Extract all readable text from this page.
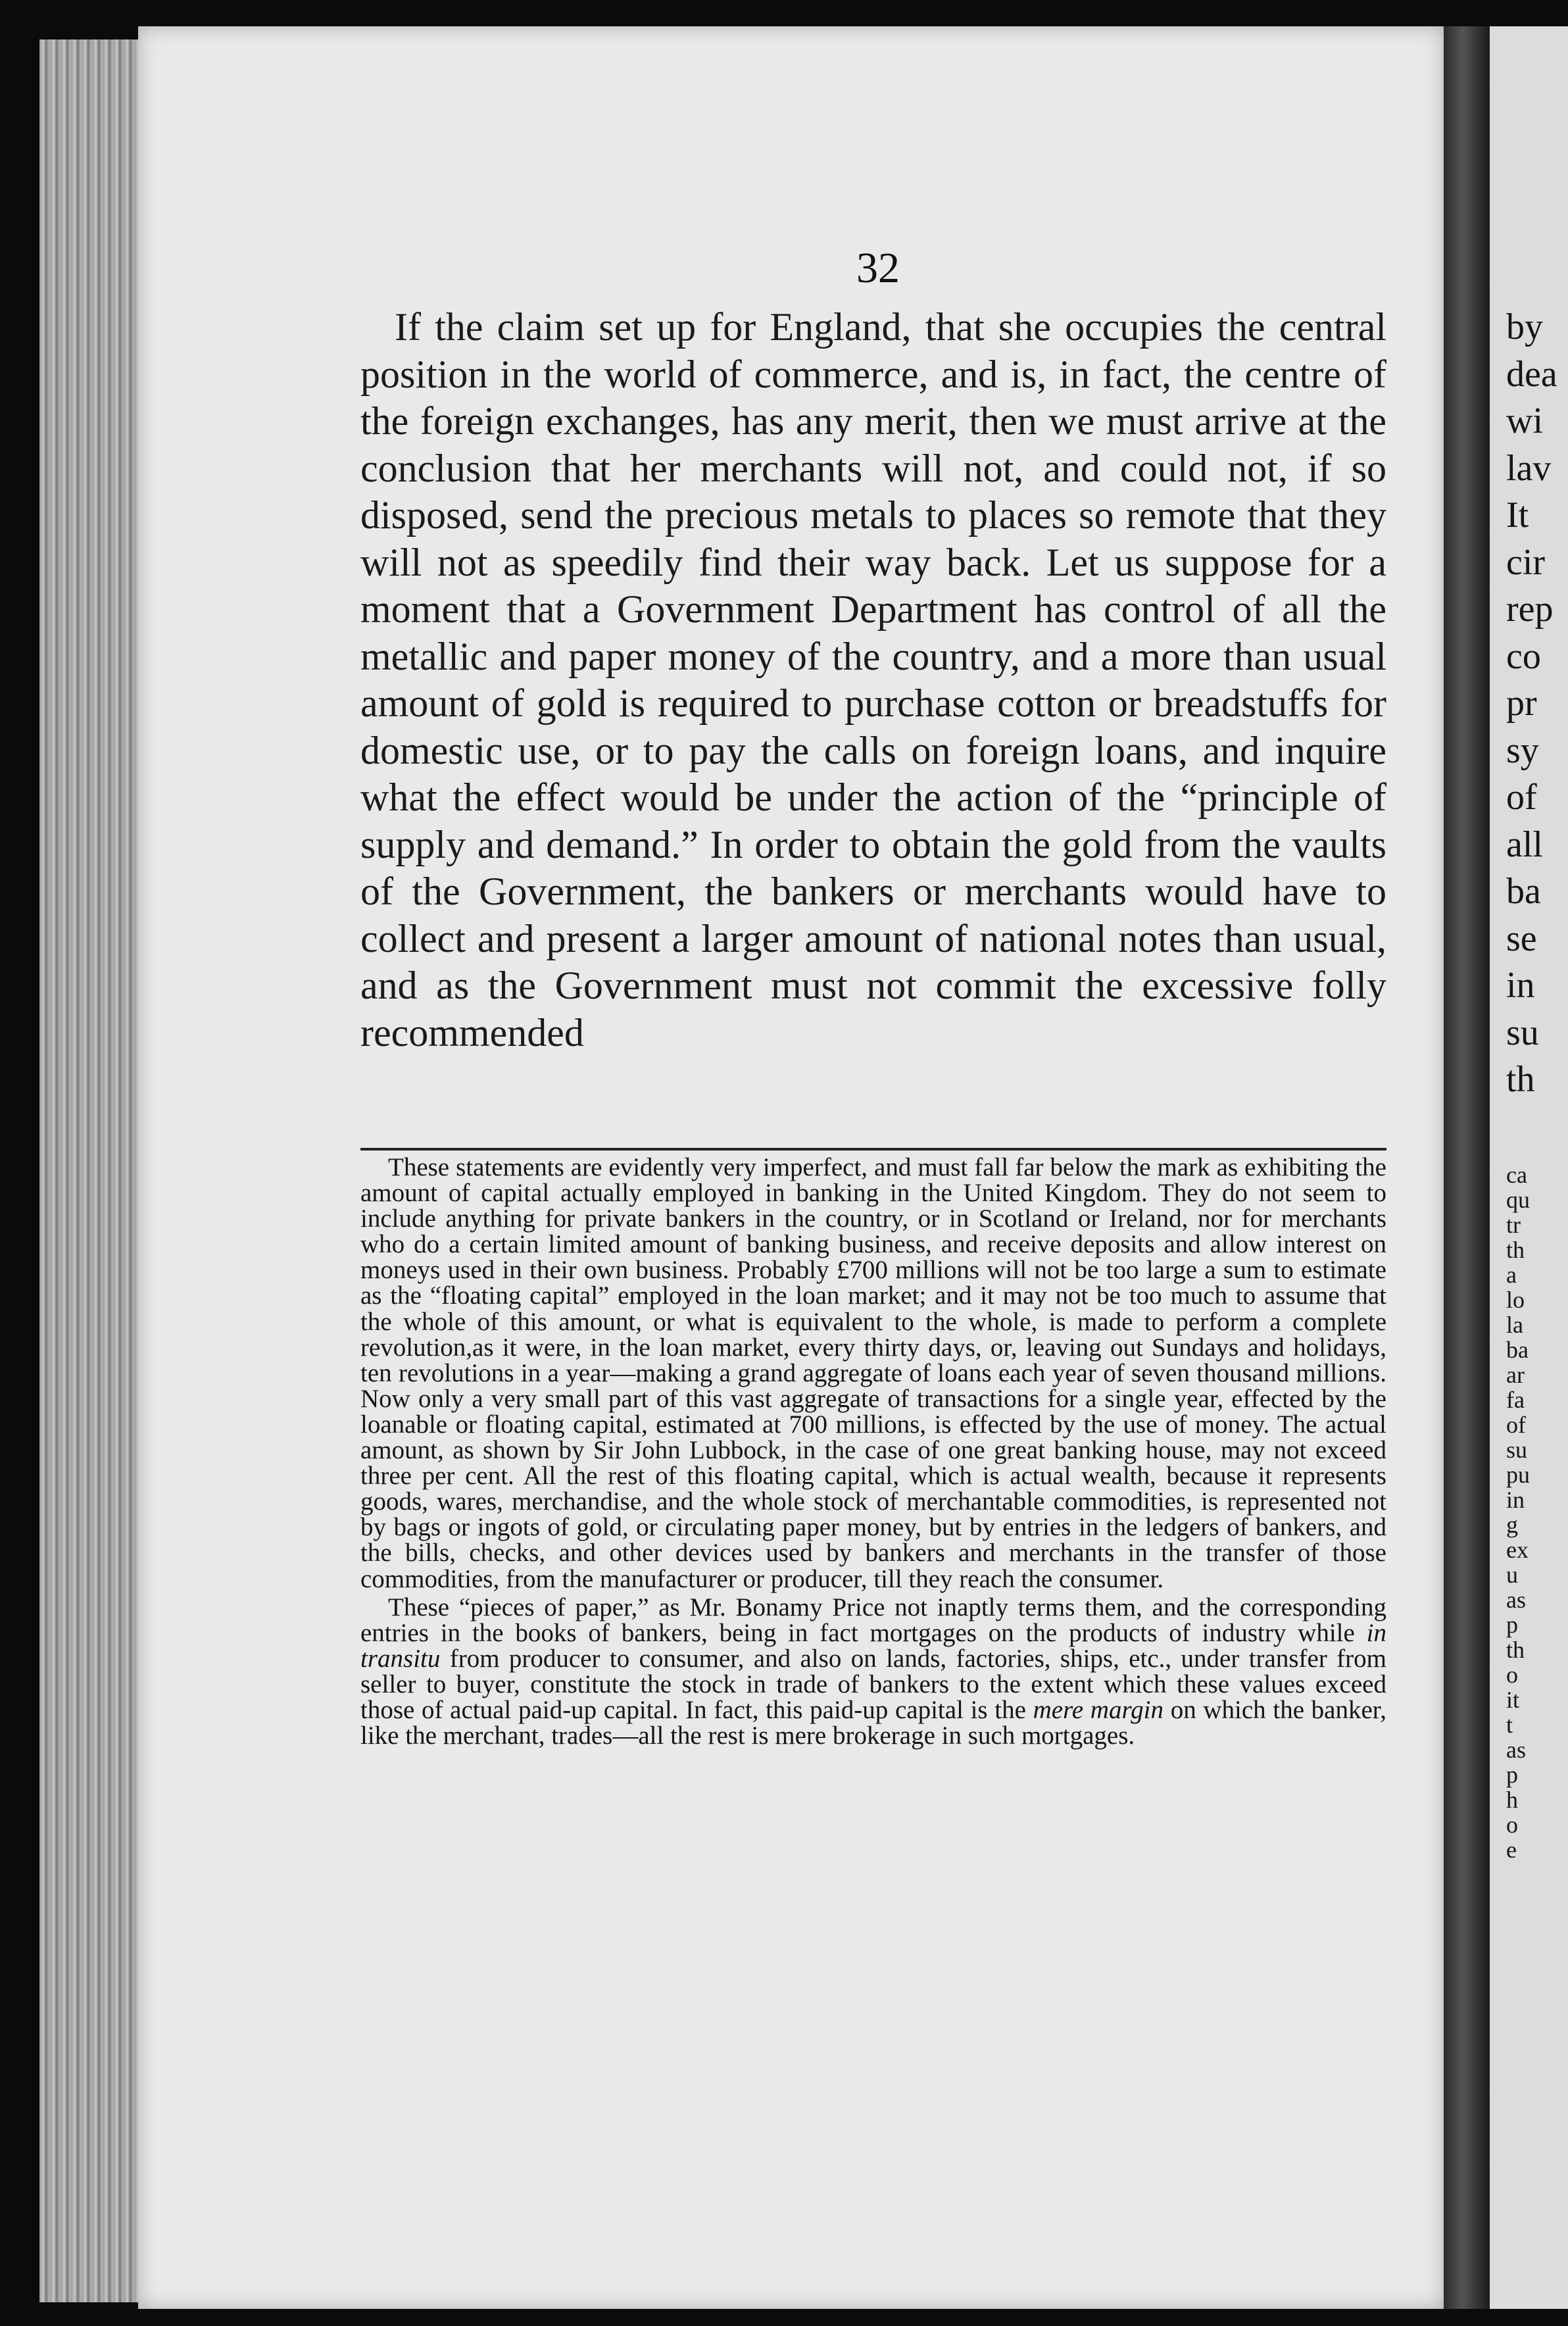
by
dea
wi
lav
It
cir
rep
co
pr
sy
of
all
ba
se
in
su
th
ca
qu
tr
th
a
lo
la
ba
ar
fa
of
su
pu
in
g
ex
u
as
p
th
o
it
t
as
p
h
o
e
32
If the claim set up for England, that she occupies the central position in the world of commerce, and is, in fact, the centre of the foreign exchanges, has any merit, then we must arrive at the conclusion that her merchants will not, and could not, if so disposed, send the precious metals to places so remote that they will not as speedily find their way back. Let us suppose for a moment that a Government Department has control of all the metallic and paper money of the country, and a more than usual amount of gold is required to purchase cotton or breadstuffs for domestic use, or to pay the calls on foreign loans, and inquire what the effect would be under the action of the “principle of supply and demand.” In order to obtain the gold from the vaults of the Government, the bankers or merchants would have to collect and present a larger amount of national notes than usual, and as the Government must not commit the excessive folly recommended

These statements are evidently very imperfect, and must fall far below the mark as exhibiting the amount of capital actually employed in banking in the United Kingdom. They do not seem to include anything for private bankers in the country, or in Scotland or Ireland, nor for merchants who do a certain limited amount of banking business, and receive deposits and allow interest on moneys used in their own business. Probably £700 millions will not be too large a sum to estimate as the “floating capital” employed in the loan market; and it may not be too much to assume that the whole of this amount, or what is equivalent to the whole, is made to perform a complete revolution,as it were, in the loan market, every thirty days, or, leaving out Sundays and holidays, ten revolutions in a year—making a grand aggregate of loans each year of seven thousand millions. Now only a very small part of this vast aggregate of transactions for a single year, effected by the loanable or floating capital, estimated at 700 millions, is effected by the use of money. The actual amount, as shown by Sir John Lubbock, in the case of one great banking house, may not exceed three per cent. All the rest of this floating capital, which is actual wealth, because it represents goods, wares, merchandise, and the whole stock of merchantable commodities, is represented not by bags or ingots of gold, or circulating paper money, but by entries in the ledgers of bankers, and the bills, checks, and other devices used by bankers and merchants in the transfer of those commodities, from the manufacturer or producer, till they reach the consumer.

These “pieces of paper,” as Mr. Bonamy Price not inaptly terms them, and the corresponding entries in the books of bankers, being in fact mortgages on the products of industry while in transitu from producer to consumer, and also on lands, factories, ships, etc., under transfer from seller to buyer, constitute the stock in trade of bankers to the extent which these values exceed those of actual paid-up capital. In fact, this paid-up capital is the mere margin on which the banker, like the merchant, trades—all the rest is mere brokerage in such mortgages.
